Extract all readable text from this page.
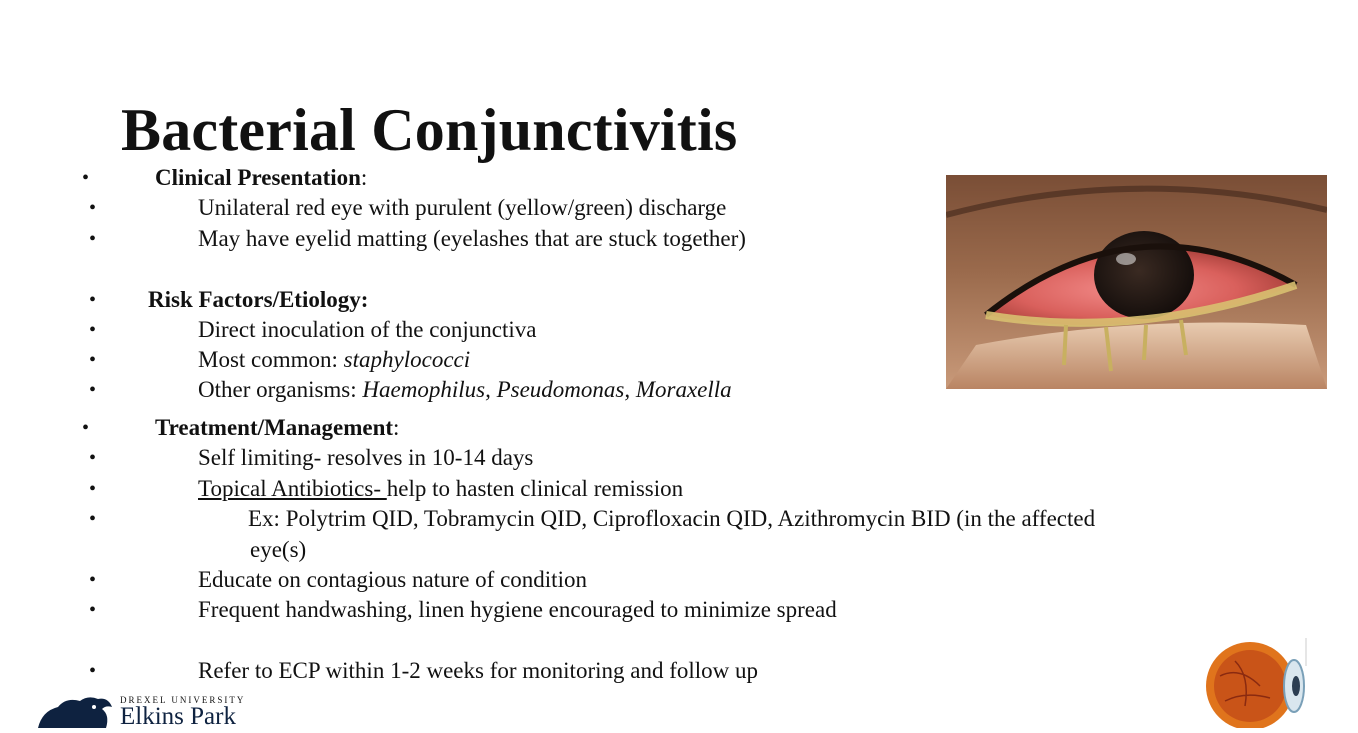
Bacterial Conjunctivitis
•	Clinical Presentation:
•	Unilateral red eye with purulent (yellow/green) discharge
•	May have eyelid matting (eyelashes that are stuck together)
• Risk Factors/Etiology:
•	Direct inoculation of the conjunctiva
•	Most common: staphylococci
•	Other organisms: Haemophilus, Pseudomonas, Moraxella
•	Treatment/Management:
•	Self limiting- resolves in 10-14 days
•	Topical Antibiotics- help to hasten clinical remission
•	Ex: Polytrim QID, Tobramycin QID, Ciprofloxacin QID, Azithromycin BID (in the affected
eye(s)
•	Educate on contagious nature of condition
•	Frequent handwashing, linen hygiene encouraged to minimize spread
•	Refer to ECP within 1-2 weeks for monitoring and follow up
DREXEL UNIVERSITY
Elkins Park
